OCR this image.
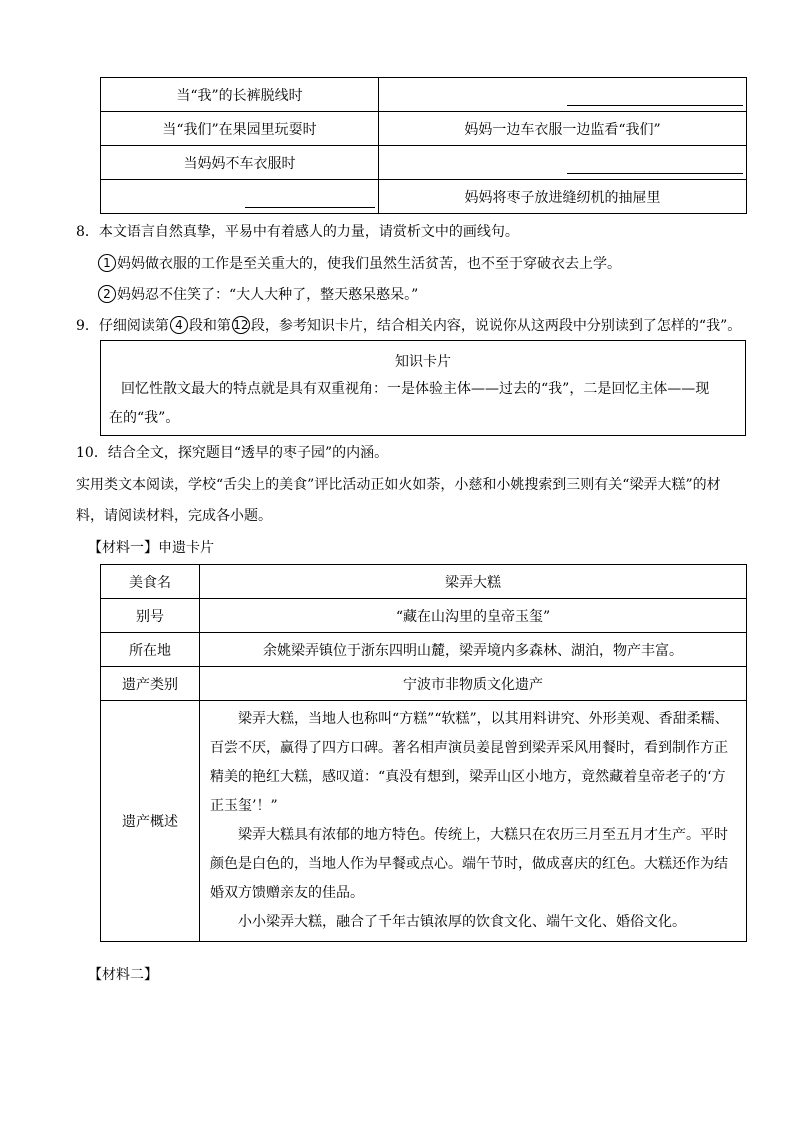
当“我”的长裤脱线时	

当“我们”在果园里玩耍时	妈妈一边车衣服一边监看“我们”
当妈妈不车衣服时	

	妈妈将枣子放进缝纫机的抽屉里
8．本文语言自然真挚，平易中有着感人的力量，请赏析文中的画线句。
1 妈妈做衣服的工作是至关重大的，使我们虽然生活贫苦，也不至于穿破衣去上学。
2 妈妈忍不住笑了：“大人大种了，整天憨呆憨呆。”
9．仔细阅读第 4 段和第 12 段，参考知识卡片，结合相关内容，说说你从这两段中分别读到了怎样的“我”。
知识卡片

回忆性散文最大的特点就是具有双重视角：一是体验主体——过去的“我”，二是回忆主体——现

在的“我”。

10．结合全文，探究题目“透早的枣子园”的内涵。
实用类文本阅读，学校“舌尖上的美食”评比活动正如火如荼，小慈和小姚搜索到三则有关“梁弄大糕”的材
料，请阅读材料，完成各小题。
【材料一】申遗卡片
美食名	梁弄大糕
别号	“藏在山沟里的皇帝玉玺”
所在地	余姚梁弄镇位于浙东四明山麓，梁弄境内多森林、湖泊，物产丰富。
遗产类别	宁波市非物质文化遗产
遗产概述	梁弄大糕，当地人也称叫“方糕”“软糕”，以其用料讲究、外形美观、香甜柔糯、百尝不厌，赢得了四方口碑。著名相声演员姜昆曾到梁弄采风用餐时，看到制作方正精美的艳红大糕，感叹道：“真没有想到，梁弄山区小地方，竟然藏着皇帝老子的‘方正玉玺’！”

梁弄大糕具有浓郁的地方特色。传统上，大糕只在农历三月至五月才生产。平时颜色是白色的，当地人作为早餐或点心。端午节时，做成喜庆的红色。大糕还作为结婚双方馈赠亲友的佳品。

小小梁弄大糕，融合了千年古镇浓厚的饮食文化、端午文化、婚俗文化。

【材料二】
